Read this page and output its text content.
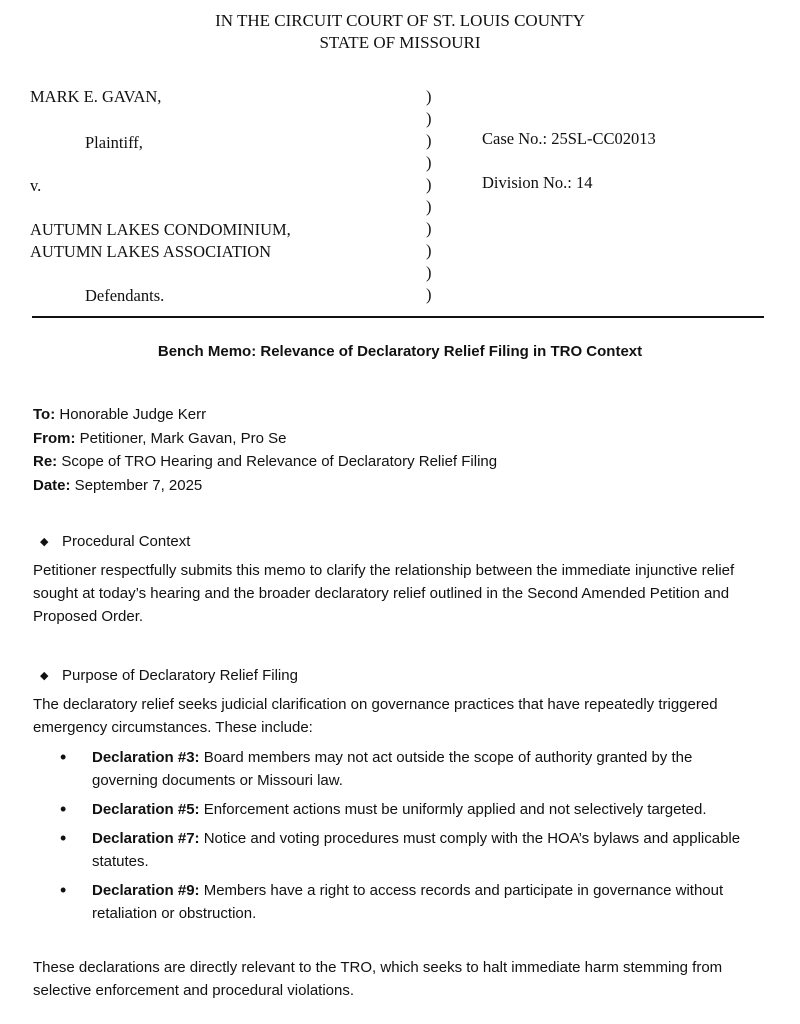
IN THE CIRCUIT COURT OF ST. LOUIS COUNTY
STATE OF MISSOURI
MARK E. GAVAN,
Plaintiff,
v.
AUTUMN LAKES CONDOMINIUM,
AUTUMN LAKES ASSOCIATION
Defendants.
)
)
)
)
)
)
)
)
)
)
Case No.: 25SL-CC02013
Division No.: 14
Bench Memo: Relevance of Declaratory Relief Filing in TRO Context
To: Honorable Judge Kerr
From: Petitioner, Mark Gavan, Pro Se
Re: Scope of TRO Hearing and Relevance of Declaratory Relief Filing
Date: September 7, 2025
◆ Procedural Context
Petitioner respectfully submits this memo to clarify the relationship between the immediate injunctive relief sought at today’s hearing and the broader declaratory relief outlined in the Second Amended Petition and Proposed Order.
◆ Purpose of Declaratory Relief Filing
The declaratory relief seeks judicial clarification on governance practices that have repeatedly triggered emergency circumstances. These include:
• Declaration #3: Board members may not act outside the scope of authority granted by the governing documents or Missouri law.
• Declaration #5: Enforcement actions must be uniformly applied and not selectively targeted.
• Declaration #7: Notice and voting procedures must comply with the HOA’s bylaws and applicable statutes.
• Declaration #9: Members have a right to access records and participate in governance without retaliation or obstruction.
These declarations are directly relevant to the TRO, which seeks to halt immediate harm stemming from selective enforcement and procedural violations.
